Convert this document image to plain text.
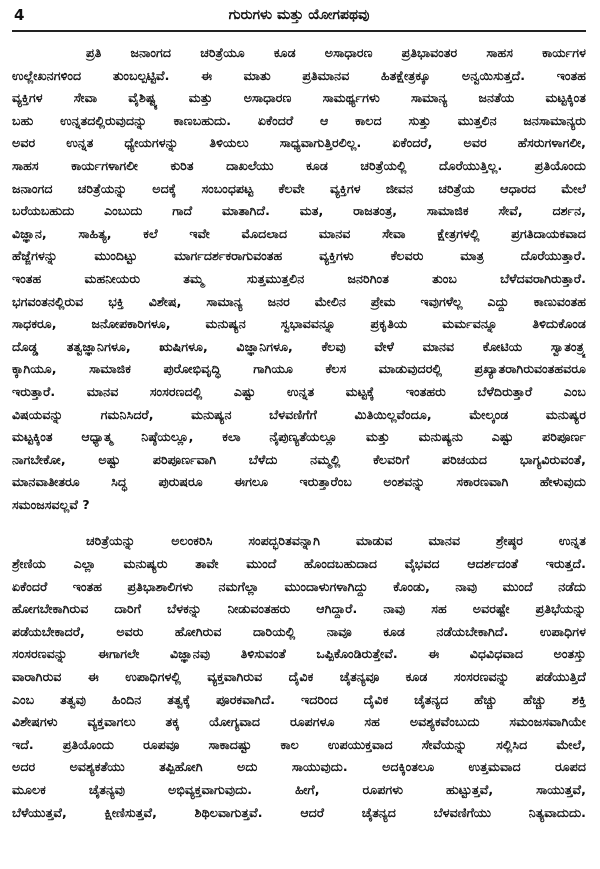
4	ಗುರುಗಳು ಮತ್ತು ಯೋಗಪಥವು
ಪ್ರತಿ ಜನಾಂಗದ ಚರಿತ್ರೆಯೂ ಕೂಡ ಅಸಾಧಾರಣ ಪ್ರತಿಭಾವಂತರ ಸಾಹಸ ಕಾರ್ಯಗಳ
ಉಲ್ಲೇಖನಗಳಿಂದ ತುಂಬಲ್ಪಟ್ಟಿವೆ. ಈ ಮಾತು ಪ್ರತಿಮಾನವ ಹಿತಕ್ಷೇತ್ರಕ್ಕೂ ಅನ್ವಯಿಸುತ್ತದೆ. ಇಂತಹ
ವ್ಯಕ್ತಿಗಳ ಸೇವಾ ವೈಶಿಷ್ಟ್ಯ ಮತ್ತು ಅಸಾಧಾರಣ ಸಾಮರ್ಥ್ಯಗಳು ಸಾಮಾನ್ಯ ಜನತೆಯ ಮಟ್ಟಕ್ಕಿಂತ
ಬಹು ಉನ್ನತದಲ್ಲಿರುವುದನ್ನು ಕಾಣಬಹುದು. ಏಕೆಂದರೆ ಆ ಕಾಲದ ಸುತ್ತು ಮುತ್ತಲಿನ ಜನಸಾಮಾನ್ಯರು
ಅವರ ಉನ್ನತ ಧ್ಯೇಯಗಳನ್ನು ತಿಳಿಯಲು ಸಾಧ್ಯವಾಗುತ್ತಿರಲಿಲ್ಲ. ಏಕೆಂದರೆ, ಅವರ ಹೆಸರುಗಳಾಗಲೀ,
ಸಾಹಸ ಕಾರ್ಯಗಳಾಗಲೀ ಕುರಿತ ದಾಖಲೆಯು ಕೂಡ ಚರಿತ್ರೆಯಲ್ಲಿ ದೊರೆಯುತ್ತಿಲ್ಲ. ಪ್ರತಿಯೊಂದು
ಜನಾಂಗದ ಚರಿತ್ರೆಯನ್ನು ಅದಕ್ಕೆ ಸಂಬಂಧಪಟ್ಟ ಕೆಲವೇ ವ್ಯಕ್ತಿಗಳ ಜೀವನ ಚರಿತ್ರೆಯ ಆಧಾರದ ಮೇಲೆ
ಬರೆಯಬಹುದು ಎಂಬುದು ಗಾದೆ ಮಾತಾಗಿದೆ. ಮತ, ರಾಜತಂತ್ರ, ಸಾಮಾಜಿಕ ಸೇವೆ, ದರ್ಶನ,
ವಿಜ್ಞಾನ, ಸಾಹಿತ್ಯ, ಕಲೆ ಇವೇ ಮೊದಲಾದ ಮಾನವ ಸೇವಾ ಕ್ಷೇತ್ರಗಳಲ್ಲಿ ಪ್ರಗತಿದಾಯಕವಾದ
ಹೆಜ್ಜೆಗಳನ್ನು ಮುಂದಿಟ್ಟು ಮಾರ್ಗದರ್ಶಕರಾಗುವಂತಹ ವ್ಯಕ್ತಿಗಳು ಕೆಲವರು ಮಾತ್ರ ದೊರೆಯುತ್ತಾರೆ.
ಇಂತಹ ಮಹನೀಯರು ತಮ್ಮ ಸುತ್ತಮುತ್ತಲಿನ ಜನರಿಗಿಂತ ತುಂಬ ಬೆಳೆದವರಾಗಿರುತ್ತಾರೆ.
ಭಗವಂತನಲ್ಲಿರುವ ಭಕ್ತಿ ವಿಶೇಷ, ಸಾಮಾನ್ಯ ಜನರ ಮೇಲಿನ ಪ್ರೇಮ ಇವುಗಳೆಲ್ಲ ಎದ್ದು ಕಾಣುವಂತಹ
ಸಾಧಕರೂ, ಜನೋಪಕಾರಿಗಳೂ, ಮನುಷ್ಯನ ಸ್ವಭಾವವನ್ನೂ ಪ್ರಕೃತಿಯ ಮರ್ಮವನ್ನೂ ತಿಳಿದುಕೊಂಡ
ದೊಡ್ಡ ತತ್ವಜ್ಞಾನಿಗಳೂ, ಋಷಿಗಳೂ, ವಿಜ್ಞಾನಿಗಳೂ, ಕೆಲವು ವೇಳೆ ಮಾನವ ಕೋಟಿಯ ಸ್ವಾತಂತ್ರ್ಯ
ಕ್ಕಾಗಿಯೂ, ಸಾಮಾಜಿಕ ಪುರೋಭಿವೃದ್ಧಿ ಗಾಗಿಯೂ ಕೆಲಸ ಮಾಡುವುದರಲ್ಲಿ ಪ್ರಖ್ಯಾತರಾಗಿರುವಂತಹವರೂ
ಇರುತ್ತಾರೆ. ಮಾನವ ಸಂಸರಣದಲ್ಲಿ ಎಷ್ಟು ಉನ್ನತ ಮಟ್ಟಕ್ಕೆ ಇಂತಹರು ಬೆಳೆದಿರುತ್ತಾರೆ ಎಂಬ
ವಿಷಯವನ್ನು ಗಮನಿಸಿದರೆ, ಮನುಷ್ಯನ ಬೆಳವಣಿಗೆಗೆ ಮಿತಿಯಿಲ್ಲವೆಂದೂ, ಮೇಲ್ಕಂಡ ಮನುಷ್ಯರ
ಮಟ್ಟಕ್ಕಿಂತ ಆಧ್ಯಾತ್ಮ ನಿಷ್ಠೆಯಲ್ಲೂ, ಕಲಾ ನೈಪುಣ್ಯತೆಯಲ್ಲೂ ಮತ್ತು ಮನುಷ್ಯನು ಎಷ್ಟು ಪರಿಪೂರ್ಣ
ನಾಗಬೇಕೋ, ಅಷ್ಟು ಪರಿಪೂರ್ಣವಾಗಿ ಬೆಳೆದು ನಮ್ಮಲ್ಲಿ ಕೆಲವರಿಗೆ ಪರಿಚಯದ ಭಾಗ್ಯವಿರುವಂತೆ,
ಮಾನವಾತೀತರೂ ಸಿದ್ಧ ಪುರುಷರೂ ಈಗಲೂ ಇರುತ್ತಾರೆಂಬ ಅಂಶವನ್ನು ಸಕಾರಣವಾಗಿ ಹೇಳುವುದು
ಸಮಂಜಸವಲ್ಲವೆ ?
ಚರಿತ್ರೆಯನ್ನು ಅಲಂಕರಿಸಿ ಸಂಪದ್ಭರಿತವನ್ನಾಗಿ ಮಾಡುವ ಮಾನವ ಶ್ರೇಷ್ಠರ ಉನ್ನತ
ಶ್ರೇಣಿಯ ಎಲ್ಲಾ ಮನುಷ್ಯರು ತಾವೇ ಮುಂದೆ ಹೊಂದಬಹುದಾದ ವೈಭವದ ಆದರ್ಶದಂತೆ ಇರುತ್ತದೆ.
ಏಕೆಂದರೆ ಇಂತಹ ಪ್ರತಿಭಾಶಾಲಿಗಳು ನಮಗೆಲ್ಲಾ ಮುಂದಾಳುಗಳಾಗಿದ್ದು ಕೊಂಡು, ನಾವು ಮುಂದೆ ನಡೆದು
ಹೋಗಬೇಕಾಗಿರುವ ದಾರಿಗೆ ಬೆಳಕನ್ನು ನೀಡುವಂತಹರು ಆಗಿದ್ದಾರೆ. ನಾವು ಸಹ ಅವರಷ್ಟೇ ಪ್ರತಿಭೆಯನ್ನು
ಪಡೆಯಬೇಕಾದರೆ, ಅವರು ಹೋಗಿರುವ ದಾರಿಯಲ್ಲಿ ನಾವೂ ಕೂಡ ನಡೆಯಬೇಕಾಗಿದೆ. ಉಪಾಧಿಗಳ
ಸಂಸರಣವನ್ನು ಈಗಾಗಲೇ ವಿಜ್ಞಾನವು ತಿಳಿಸುವಂತೆ ಒಪ್ಪಿಕೊಂಡಿರುತ್ತೇವೆ. ಈ ವಿಧವಿಧವಾದ ಅಂತಸ್ತು
ವಾರಾಗಿರುವ ಈ ಉಪಾಧಿಗಳಲ್ಲಿ ವ್ಯಕ್ತವಾಗಿರುವ ದೈವಿಕ ಚೈತನ್ಯವೂ ಕೂಡ ಸಂಸರಣವನ್ನು ಪಡೆಯುತ್ತಿದೆ
ಎಂಬ ತತ್ವವು ಹಿಂದಿನ ತತ್ವಕ್ಕೆ ಪೂರಕವಾಗಿದೆ. ಇದರಿಂದ ದೈವಿಕ ಚೈತನ್ಯದ ಹೆಚ್ಚು ಹೆಚ್ಚು ಶಕ್ತಿ
ವಿಶೇಷಗಳು ವ್ಯಕ್ತವಾಗಲು ತಕ್ಕ ಯೋಗ್ಯವಾದ ರೂಪಗಳೂ ಸಹ ಅವಶ್ಯಕವೆಂಬುದು ಸಮಂಜಸವಾಗಿಯೇ
ಇದೆ. ಪ್ರತಿಯೊಂದು ರೂಪವೂ ಸಾಕಾದಷ್ಟು ಕಾಲ ಉಪಯುಕ್ತವಾದ ಸೇವೆಯನ್ನು ಸಲ್ಲಿಸಿದ ಮೇಲೆ,
ಅದರ ಅವಶ್ಯಕತೆಯು ತಪ್ಪಿಹೋಗಿ ಅದು ಸಾಯುವುದು. ಅದಕ್ಕಿಂತಲೂ ಉತ್ತಮವಾದ ರೂಪದ
ಮೂಲಕ ಚೈತನ್ಯವು ಅಭಿವ್ಯಕ್ತವಾಗುವುದು. ಹೀಗೆ, ರೂಪಗಳು ಹುಟ್ಟುತ್ತವೆ, ಸಾಯುತ್ತವೆ,
ಬೆಳೆಯುತ್ತವೆ, ಕ್ಷೀಣಿಸುತ್ತವೆ, ಶಿಥಿಲವಾಗುತ್ತವೆ. ಆದರೆ ಚೈತನ್ಯದ ಬೆಳವಣಿಗೆಯು ನಿತ್ಯವಾದುದು.
